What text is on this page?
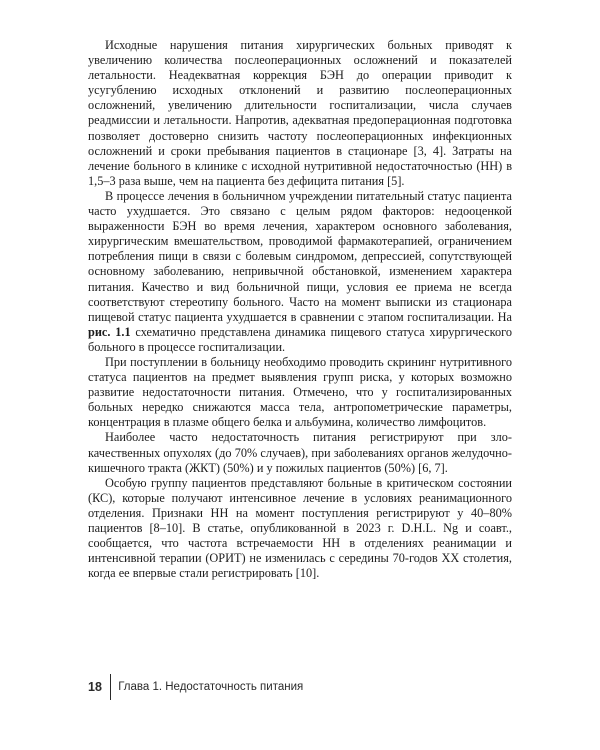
Исходные нарушения питания хирургических больных приводят к увеличению количества послеоперационных осложнений и показателей летальности. Неадекватная коррекция БЭН до операции приводит к усугублению исходных отклонений и развитию послеоперационных осложнений, увеличению длительности госпитализации, числа случаев реадмиссии и летальности. Напротив, адекватная предоперационная подготовка позволяет достоверно снизить частоту послеоперационных инфекционных осложнений и сроки пребывания пациентов в стационаре [3, 4]. Затраты на лечение больного в клинике с исходной нутритивной недостаточностью (НН) в 1,5–3 раза выше, чем на пациента без дефицита питания [5].

В процессе лечения в больничном учреждении питательный статус пациента часто ухудшается. Это связано с целым рядом факторов: недооценкой выраженности БЭН во время лечения, характером основного заболевания, хирургическим вмешательством, проводимой фармакотерапией, ограничением потребления пищи в связи с болевым синдромом, депрессией, сопутствующей основному заболеванию, непривычной обстановкой, изменением характера питания. Качество и вид больничной пищи, условия ее приема не всегда соответствуют стереотипу больного. Часто на момент выписки из стационара пищевой статус пациента ухудшается в сравнении с этапом госпитализации. На рис. 1.1 схематично представлена динамика пищевого статуса хирургического больного в процессе госпитализации.

При поступлении в больницу необходимо проводить скрининг нутритивного статуса пациентов на предмет выявления групп риска, у которых возможно развитие недостаточности питания. Отмечено, что у госпитализированных больных нередко снижаются масса тела, антропометрические параметры, концентрация в плазме общего белка и альбумина, количество лимфоцитов.

Наиболее часто недостаточность питания регистрируют при злокачественных опухолях (до 70% случаев), при заболеваниях органов желудочно-кишечного тракта (ЖКТ) (50%) и у пожилых пациентов (50%) [6, 7].

Особую группу пациентов представляют больные в критическом состоянии (КС), которые получают интенсивное лечение в условиях реанимационного отделения. Признаки НН на момент поступления регистрируют у 40–80% пациентов [8–10]. В статье, опубликованной в 2023 г. D.H.L. Ng и соавт., сообщается, что частота встречаемости НН в отделениях реанимации и интенсивной терапии (ОРИТ) не изменилась с середины 70-годов XX столетия, когда ее впервые стали регистрировать [10].

18 Глава 1. Недостаточность питания
